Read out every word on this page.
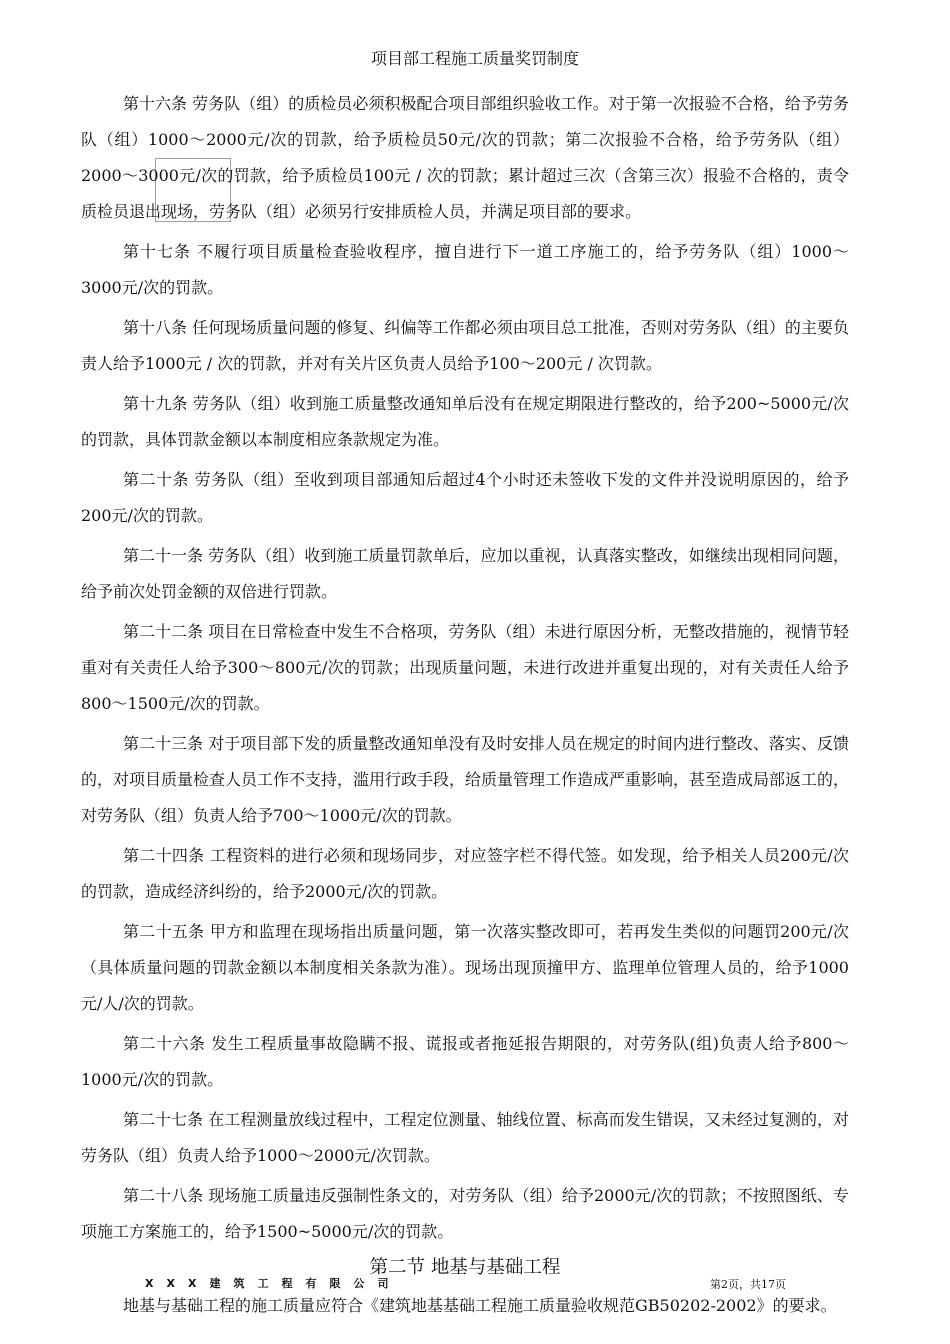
项目部工程施工质量奖罚制度

第十六条 劳务队（组）的质检员必须积极配合项目部组织验收工作。对于第一次报验不合格，给予劳务队（组）1000～2000元/次的罚款，给予质检员50元/次的罚款；第二次报验不合格，给予劳务队（组）2000～3000元/次的罚款，给予质检员100元 / 次的罚款；累计超过三次（含第三次）报验不合格的，责令质检员退出现场，劳务队（组）必须另行安排质检人员，并满足项目部的要求。

第十七条 不履行项目质量检查验收程序，擅自进行下一道工序施工的，给予劳务队（组）1000～3000元/次的罚款。

第十八条 任何现场质量问题的修复、纠偏等工作都必须由项目总工批准，否则对劳务队（组）的主要负责人给予1000元 / 次的罚款，并对有关片区负责人员给予100～200元 / 次罚款。

第十九条 劳务队（组）收到施工质量整改通知单后没有在规定期限进行整改的，给予200~5000元/次的罚款，具体罚款金额以本制度相应条款规定为准。

第二十条 劳务队（组）至收到项目部通知后超过4个小时还未签收下发的文件并没说明原因的，给予200元/次的罚款。

第二十一条 劳务队（组）收到施工质量罚款单后，应加以重视，认真落实整改，如继续出现相同问题，给予前次处罚金额的双倍进行罚款。

第二十二条 项目在日常检查中发生不合格项，劳务队（组）未进行原因分析，无整改措施的，视情节轻重对有关责任人给予300～800元/次的罚款；出现质量问题，未进行改进并重复出现的，对有关责任人给予800～1500元/次的罚款。

第二十三条 对于项目部下发的质量整改通知单没有及时安排人员在规定的时间内进行整改、落实、反馈的，对项目质量检查人员工作不支持，滥用行政手段，给质量管理工作造成严重影响，甚至造成局部返工的，对劳务队（组）负责人给予700～1000元/次的罚款。

第二十四条 工程资料的进行必须和现场同步，对应签字栏不得代签。如发现，给予相关人员200元/次的罚款，造成经济纠纷的，给予2000元/次的罚款。

第二十五条 甲方和监理在现场指出质量问题，第一次落实整改即可，若再发生类似的问题罚200元/次（具体质量问题的罚款金额以本制度相关条款为准）。现场出现顶撞甲方、监理单位管理人员的，给予1000元/人/次的罚款。

第二十六条 发生工程质量事故隐瞒不报、谎报或者拖延报告期限的，对劳务队(组)负责人给予800～1000元/次的罚款。

第二十七条 在工程测量放线过程中，工程定位测量、轴线位置、标高而发生错误，又未经过复测的，对劳务队（组）负责人给予1000～2000元/次罚款。

第二十八条 现场施工质量违反强制性条文的，对劳务队（组）给予2000元/次的罚款；不按照图纸、专项施工方案施工的，给予1500~5000元/次的罚款。

第二节 地基与基础工程

地基与基础工程的施工质量应符合《建筑地基基础工程施工质量验收规范GB50202-2002》的要求。

XXX建筑工程有限公司	第2页，共17页
